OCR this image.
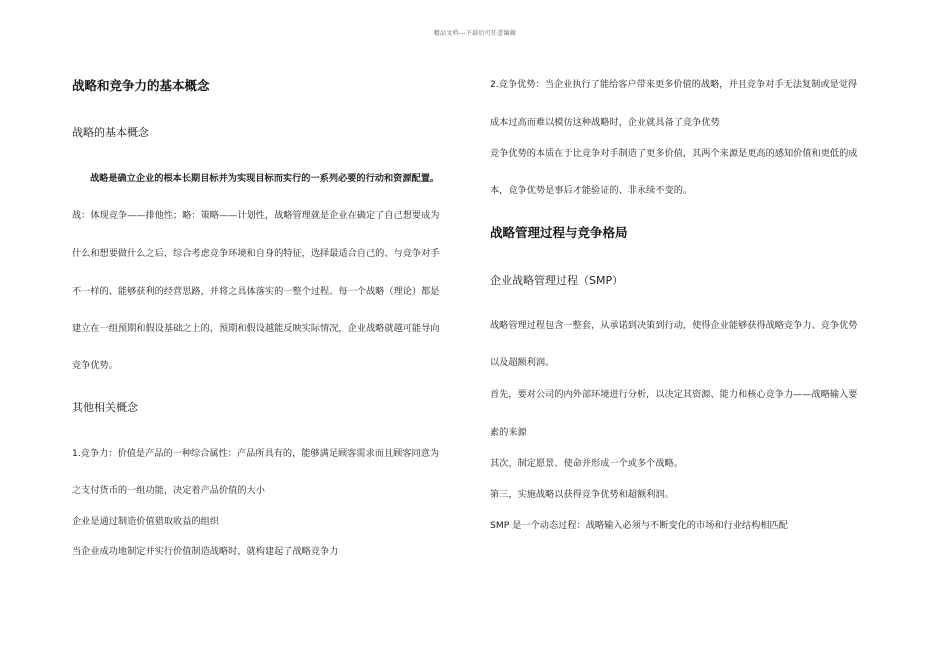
精品文档---下载后可任意编辑
战略和竞争力的基本概念
战略的基本概念
战略是确立企业的根本长期目标并为实现目标而实行的一系列必要的行动和资源配置。
战：体现竞争——排他性；略：策略——计划性，战略管理就是企业在确定了自己想要成为
什么和想要做什么之后，综合考虑竞争环境和自身的特征，选择最适合自己的、与竞争对手
不一样的、能够获利的经营思路，并将之具体落实的一整个过程。每一个战略（理论）都是
建立在一组预期和假设基础之上的，预期和假设越能反映实际情况，企业战略就越可能导向
竞争优势。
其他相关概念
1.竞争力：价值是产品的一种综合属性：产品所具有的，能够满足顾客需求而且顾客同意为
之支付货币的一组功能，决定着产品价值的大小
企业是通过制造价值猎取收益的组织
当企业成功地制定并实行价值制造战略时，就构建起了战略竞争力
2.竞争优势：当企业执行了能给客户带来更多价值的战略，并且竞争对手无法复制或是觉得
成本过高而难以模仿这种战略时，企业就具备了竞争优势
竞争优势的本质在于比竞争对手制造了更多价值，其两个来源是更高的感知价值和更低的成
本，竞争优势是事后才能验证的、非永续不变的。
战略管理过程与竞争格局
企业战略管理过程（SMP）
战略管理过程包含一整套，从承诺到决策到行动，使得企业能够获得战略竞争力、竞争优势
以及超额利润。
首先，要对公司的内外部环境进行分析，以决定其资源、能力和核心竞争力——战略输入要
素的来源
其次，制定愿景、使命并形成一个或多个战略。
第三，实施战略以获得竞争优势和超额利润。
SMP 是一个动态过程：战略输入必须与不断变化的市场和行业结构相匹配
